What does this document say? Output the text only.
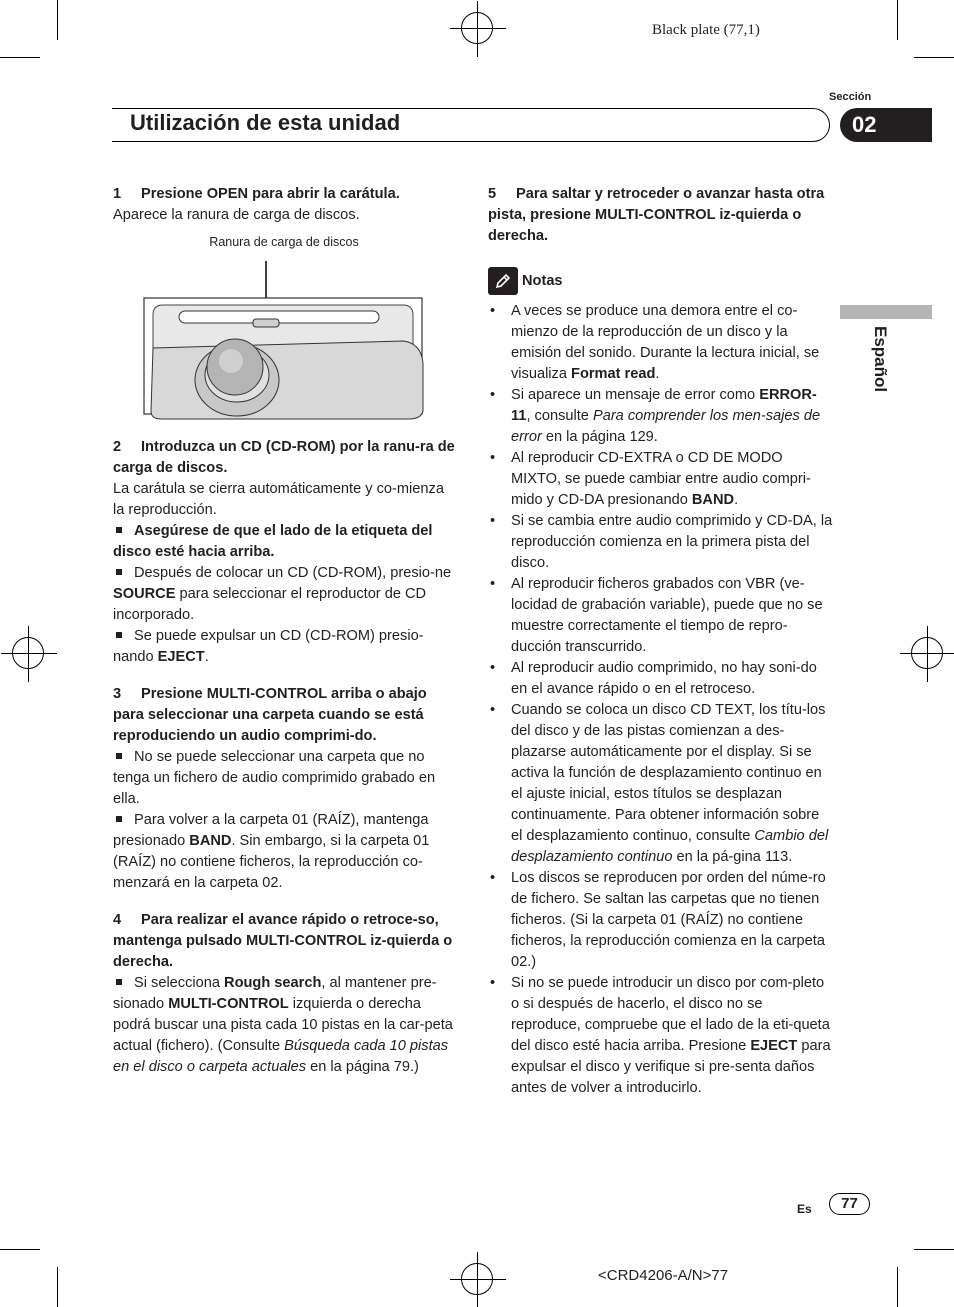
Black plate (77,1)
Sección
Utilización de esta unidad	02
Español
1 Presione OPEN para abrir la carátula.

Aparece la ranura de carga de discos.

Ranura de carga de discos
2 Introduzca un CD (CD-ROM) por la ranu-ra de carga de discos.

La carátula se cierra automáticamente y co-mienza la reproducción.

Asegúrese de que el lado de la etiqueta del disco esté hacia arriba.

Después de colocar un CD (CD-ROM), presio-ne SOURCE para seleccionar el reproductor de CD incorporado.

Se puede expulsar un CD (CD-ROM) presio-nando EJECT.

3 Presione MULTI-CONTROL arriba o abajo para seleccionar una carpeta cuando se está reproduciendo un audio comprimi-do.

No se puede seleccionar una carpeta que no tenga un fichero de audio comprimido grabado en ella.

Para volver a la carpeta 01 (RAÍZ), mantenga presionado BAND. Sin embargo, si la carpeta 01 (RAÍZ) no contiene ficheros, la reproducción co-menzará en la carpeta 02.

4 Para realizar el avance rápido o retroce-so, mantenga pulsado MULTI-CONTROL iz-quierda o derecha.

Si selecciona Rough search, al mantener pre-sionado MULTI-CONTROL izquierda o derecha podrá buscar una pista cada 10 pistas en la car-peta actual (fichero). (Consulte Búsqueda cada 10 pistas en el disco o carpeta actuales en la página 79.)

5 Para saltar y retroceder o avanzar hasta otra pista, presione MULTI-CONTROL iz-quierda o derecha.
Notas
• A veces se produce una demora entre el co-mienzo de la reproducción de un disco y la emisión del sonido. Durante la lectura inicial, se visualiza Format read.
• Si aparece un mensaje de error como ERROR-11, consulte Para comprender los men-sajes de error en la página 129.
• Al reproducir CD-EXTRA o CD DE MODO MIXTO, se puede cambiar entre audio compri-mido y CD-DA presionando BAND.
• Si se cambia entre audio comprimido y CD-DA, la reproducción comienza en la primera pista del disco.
• Al reproducir ficheros grabados con VBR (ve-locidad de grabación variable), puede que no se muestre correctamente el tiempo de repro-ducción transcurrido.
• Al reproducir audio comprimido, no hay soni-do en el avance rápido o en el retroceso.
• Cuando se coloca un disco CD TEXT, los títu-los del disco y de las pistas comienzan a des-plazarse automáticamente por el display. Si se activa la función de desplazamiento continuo en el ajuste inicial, estos títulos se desplazan continuamente. Para obtener información sobre el desplazamiento continuo, consulte Cambio del desplazamiento continuo en la pá-gina 113.
• Los discos se reproducen por orden del núme-ro de fichero. Se saltan las carpetas que no tienen ficheros. (Si la carpeta 01 (RAÍZ) no contiene ficheros, la reproducción comienza en la carpeta 02.)
• Si no se puede introducir un disco por com-pleto o si después de hacerlo, el disco no se reproduce, compruebe que el lado de la eti-queta del disco esté hacia arriba. Presione EJECT para expulsar el disco y verifique si pre-senta daños antes de volver a introducirlo.
Es	77
<CRD4206-A/N>77
